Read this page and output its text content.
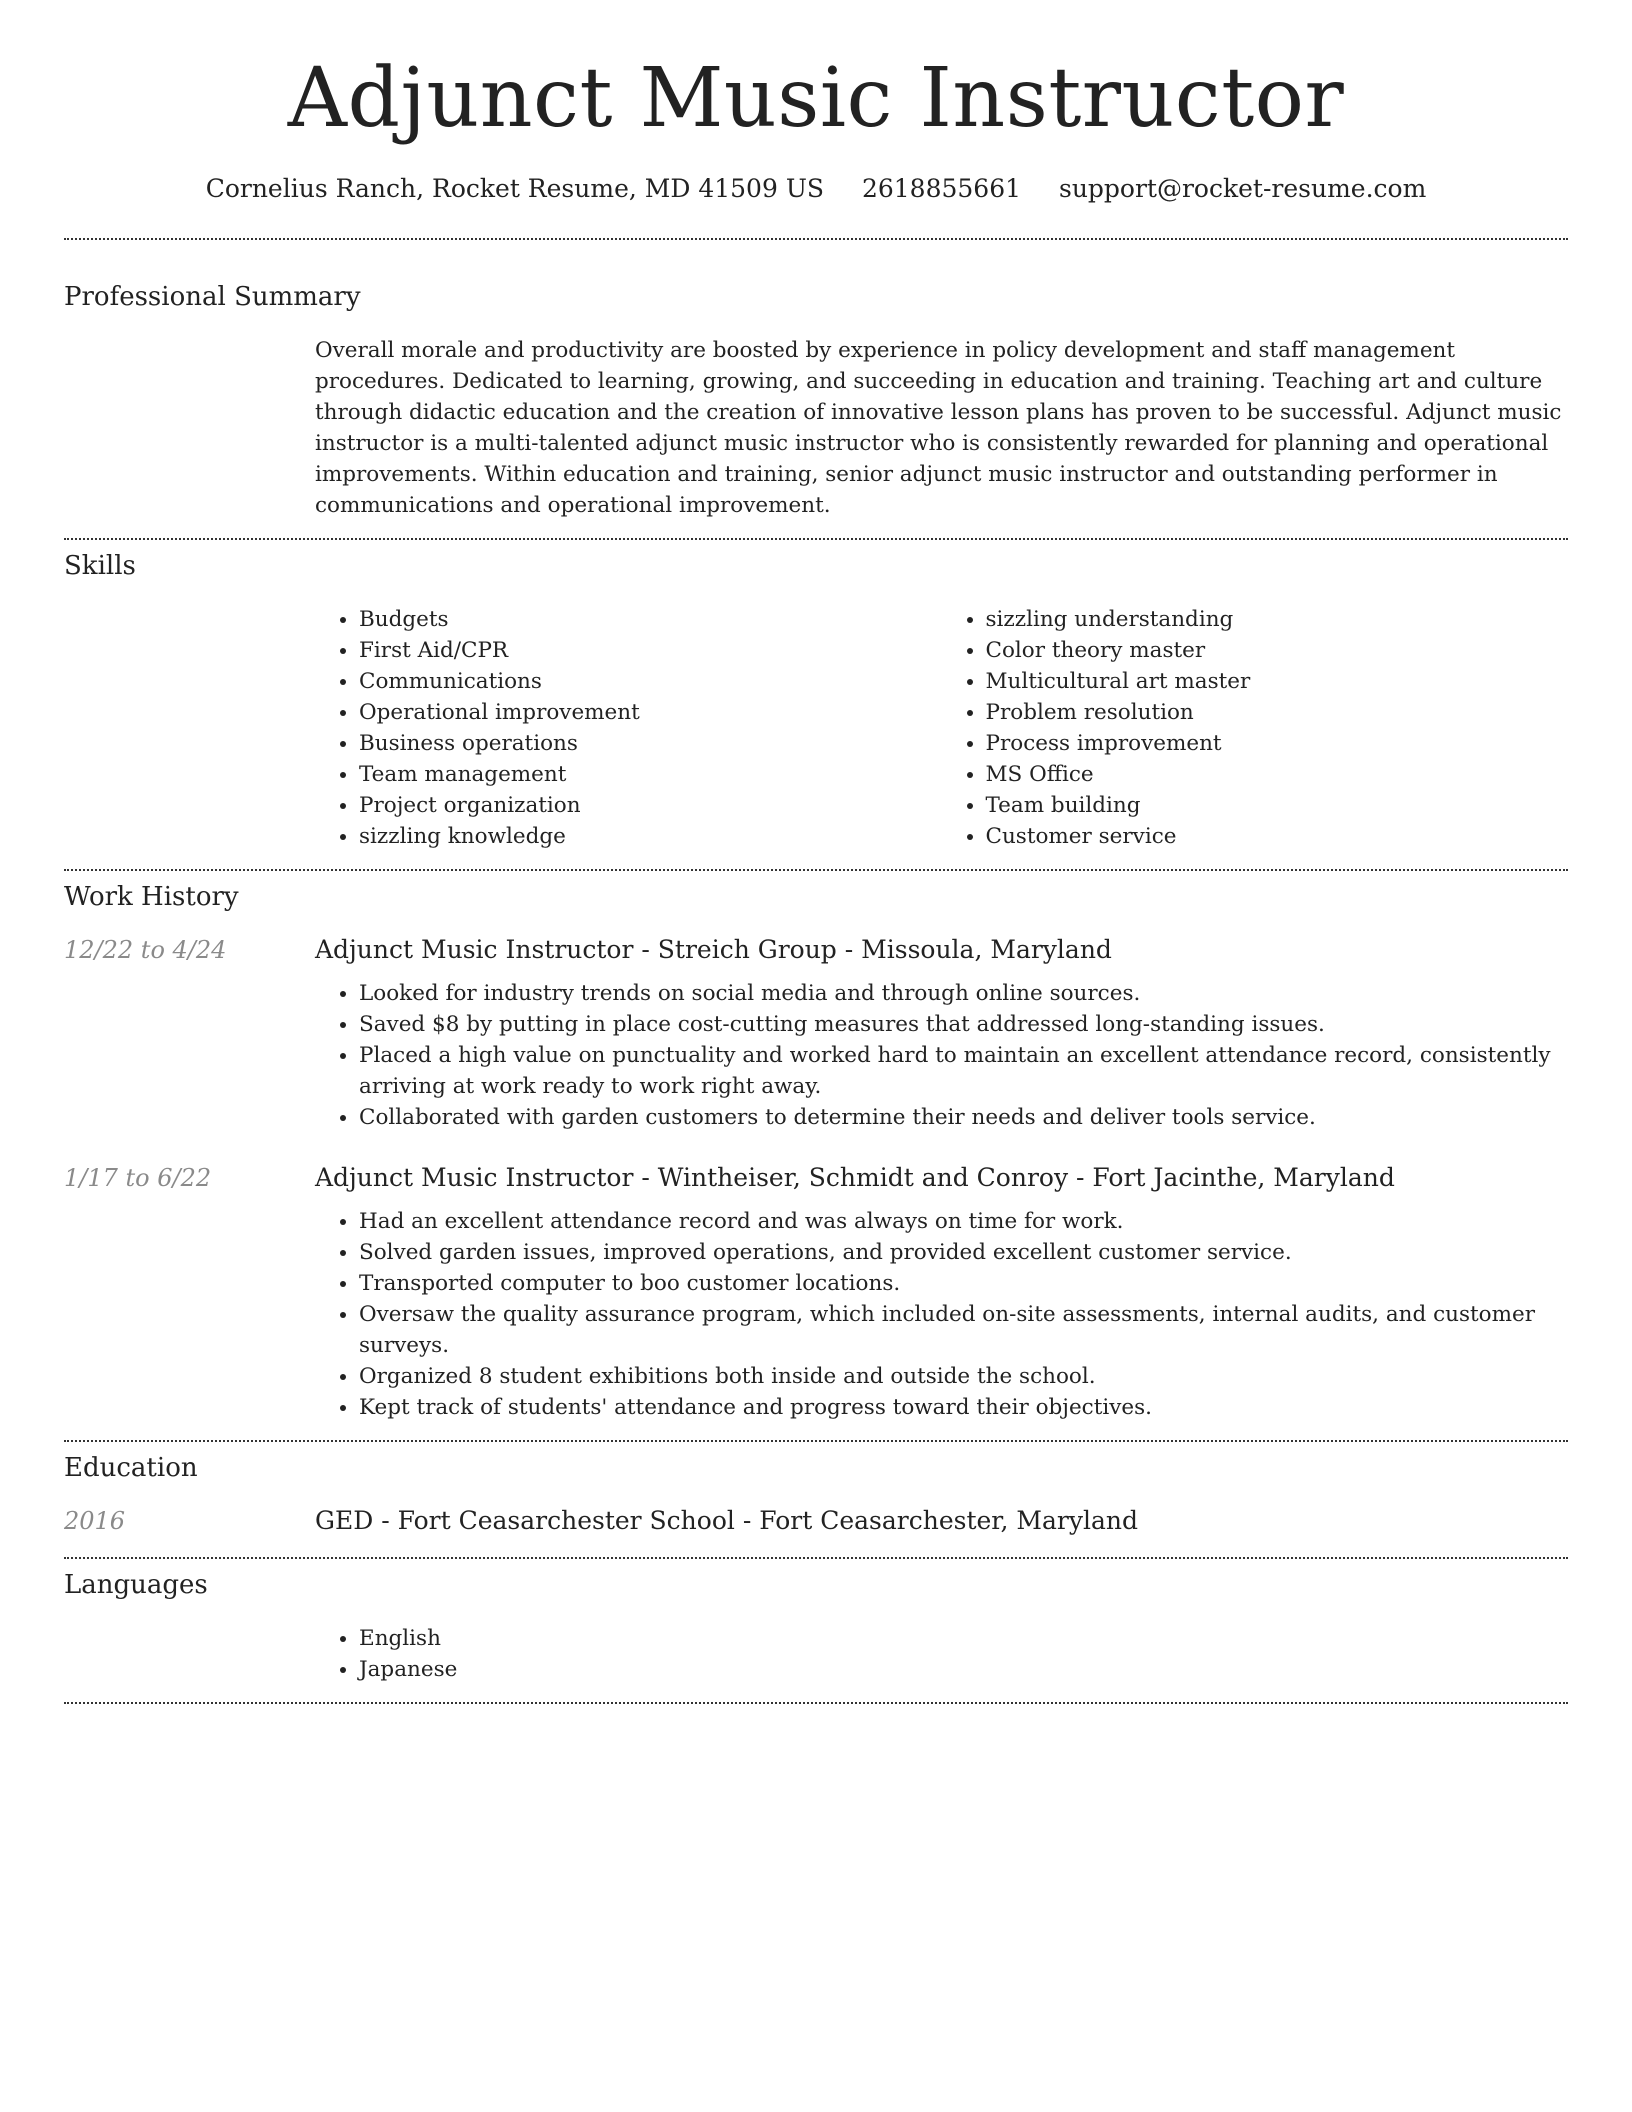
Adjunct Music Instructor
Cornelius Ranch, Rocket Resume, MD 41509 US 2618855661 support@rocket-resume.com
Professional Summary

Overall morale and productivity are boosted by experience in policy development and staff management procedures. Dedicated to learning, growing, and succeeding in education and training. Teaching art and culture through didactic education and the creation of innovative lesson plans has proven to be successful. Adjunct music instructor is a multi-talented adjunct music instructor who is consistently rewarded for planning and operational improvements. Within education and training, senior adjunct music instructor and outstanding performer in communications and operational improvement.

Skills
• Budgets
• First Aid/CPR
• Communications
• Operational improvement
• Business operations
• Team management
• Project organization
• sizzling knowledge
• sizzling understanding
• Color theory master
• Multicultural art master
• Problem resolution
• Process improvement
• MS Office
• Team building
• Customer service
Work History
12/22 to 4/24	Adjunct Music Instructor - Streich Group - Missoula, Maryland
• Looked for industry trends on social media and through online sources.
• Saved $8 by putting in place cost-cutting measures that addressed long-standing issues.
• Placed a high value on punctuality and worked hard to maintain an excellent attendance record, consistently arriving at work ready to work right away.
• Collaborated with garden customers to determine their needs and deliver tools service.
1/17 to 6/22	Adjunct Music Instructor - Wintheiser, Schmidt and Conroy - Fort Jacinthe, Maryland
• Had an excellent attendance record and was always on time for work.
• Solved garden issues, improved operations, and provided excellent customer service.
• Transported computer to boo customer locations.
• Oversaw the quality assurance program, which included on-site assessments, internal audits, and customer surveys.
• Organized 8 student exhibitions both inside and outside the school.
• Kept track of students' attendance and progress toward their objectives.
Education
2016	GED - Fort Ceasarchester School - Fort Ceasarchester, Maryland
Languages
• English
• Japanese
